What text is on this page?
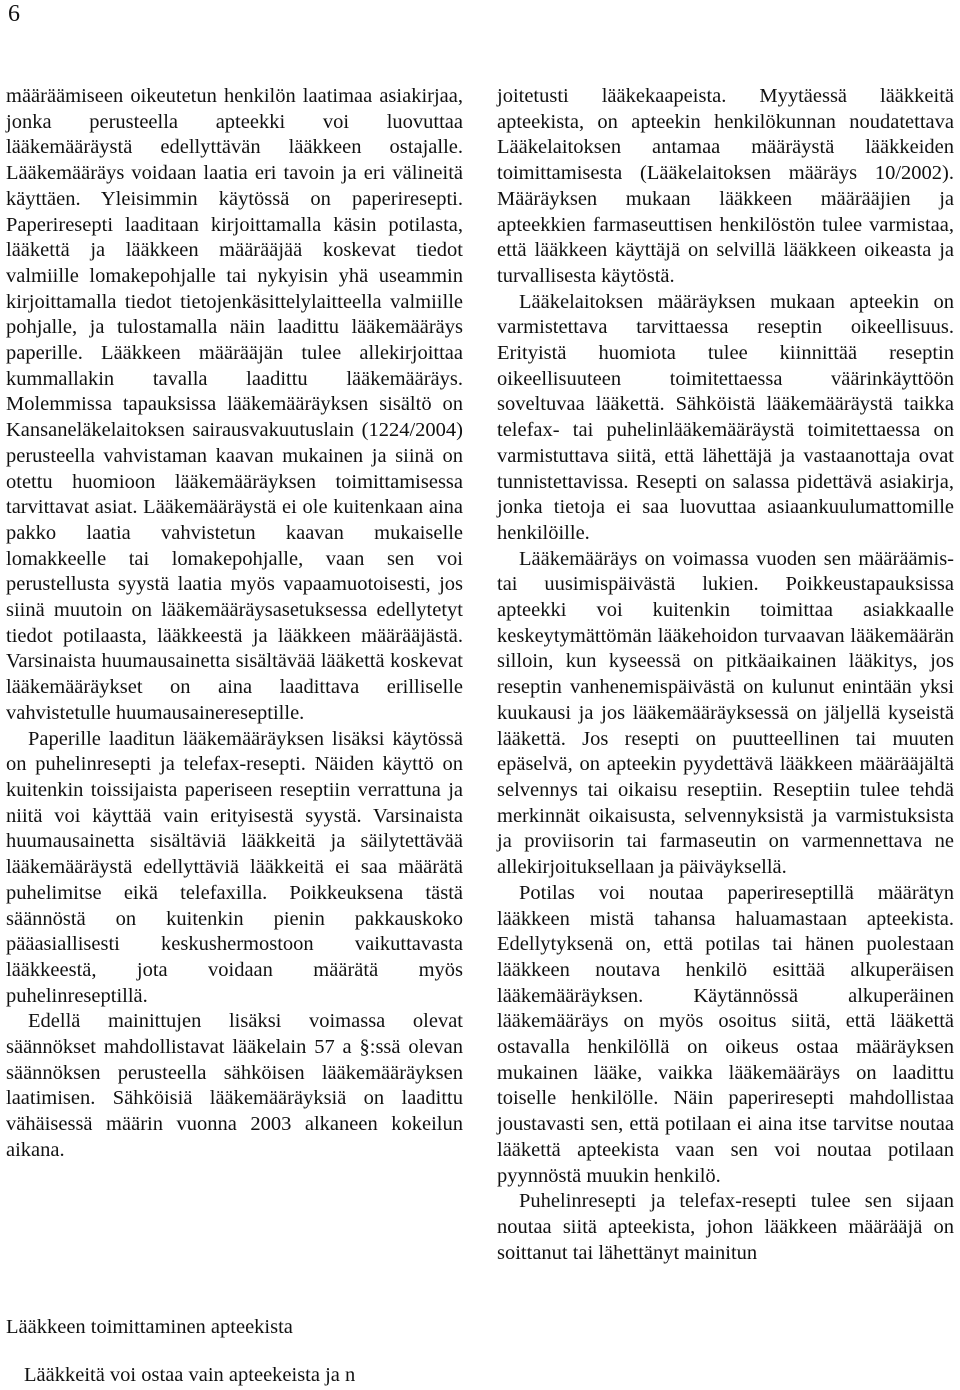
6

määräämiseen oikeutetun henkilön laatimaa asiakirjaa, jonka perusteella apteekki voi luovuttaa lääkemääräystä edellyttävän lääkkeen ostajalle. Lääkemääräys voidaan laatia eri tavoin ja eri välineitä käyttäen. Yleisimmin käytössä on paperiresepti. Paperiresepti laaditaan kirjoittamalla käsin potilasta, lääkettä ja lääkkeen määrääjää koskevat tiedot valmiille lomakepohjalle tai nykyisin yhä useammin kirjoittamalla tiedot tietojenkäsittelylaitteella valmiille pohjalle, ja tulostamalla näin laadittu lääkemääräys paperille. Lääkkeen määrääjän tulee allekirjoittaa kummallakin tavalla laadittu lääkemääräys. Molemmissa tapauksissa lääkemääräyksen sisältö on Kansaneläkelaitoksen sairausvakuutuslain (1224/2004) perusteella vahvistaman kaavan mukainen ja siinä on otettu huomioon lääkemääräyksen toimittamisessa tarvittavat asiat. Lääkemääräystä ei ole kuitenkaan aina pakko laatia vahvistetun kaavan mukaiselle lomakkeelle tai lomakepohjalle, vaan sen voi perustellusta syystä laatia myös vapaamuotoisesti, jos siinä muutoin on lääkemääräysasetuksessa edellytetyt tiedot potilaasta, lääkkeestä ja lääkkeen määrääjästä. Varsinaista huumausainetta sisältävää lääkettä koskevat lääkemääräykset on aina laadittava erilliselle vahvistetulle huumausainereseptille.

Paperille laaditun lääkemääräyksen lisäksi käytössä on puhelinresepti ja telefax-resepti. Näiden käyttö on kuitenkin toissijaista paperiseen reseptiin verrattuna ja niitä voi käyttää vain erityisestä syystä. Varsinaista huumausainetta sisältäviä lääkkeitä ja säilytettävää lääkemääräystä edellyttäviä lääkkeitä ei saa määrätä puhelimitse eikä telefaxilla. Poikkeuksena tästä säännöstä on kuitenkin pienin pakkauskoko pääasiallisesti keskushermostoon vaikuttavasta lääkkeestä, jota voidaan määrätä myös puhelinreseptillä.

Edellä mainittujen lisäksi voimassa olevat säännökset mahdollistavat lääkelain 57 a §:ssä olevan säännöksen perusteella sähköisen lääkemääräyksen laatimisen. Sähköisiä lääkemääräyksiä on laadittu vähäisessä määrin vuonna 2003 alkaneen kokeilun aikana.

Lääkkeen toimittaminen apteekista
Lääkkeitä voi ostaa vain apteekeista ja n

joitetusti lääkekaapeista. Myytäessä lääkkeitä apteekista, on apteekin henkilökunnan noudatettava Lääkelaitoksen antamaa määräystä lääkkeiden toimittamisesta (Lääkelaitoksen määräys 10/2002). Määräyksen mukaan lääkkeen määrääjien ja apteekkien farmaseuttisen henkilöstön tulee varmistaa, että lääkkeen käyttäjä on selvillä lääkkeen oikeasta ja turvallisesta käytöstä.

Lääkelaitoksen määräyksen mukaan apteekin on varmistettava tarvittaessa reseptin oikeellisuus. Erityistä huomiota tulee kiinnittää reseptin oikeellisuuteen toimitettaessa väärinkäyttöön soveltuvaa lääkettä. Sähköistä lääkemääräystä taikka telefax- tai puhelinlääkemääräystä toimitettaessa on varmistuttava siitä, että lähettäjä ja vastaanottaja ovat tunnistettavissa. Resepti on salassa pidettävä asiakirja, jonka tietoja ei saa luovuttaa asiaankuulumattomille henkilöille.

Lääkemääräys on voimassa vuoden sen määräämis- tai uusimispäivästä lukien. Poikkeustapauksissa apteekki voi kuitenkin toimittaa asiakkaalle keskeytymättömän lääkehoidon turvaavan lääkemäärän silloin, kun kyseessä on pitkäaikainen lääkitys, jos reseptin vanhenemispäivästä on kulunut enintään yksi kuukausi ja jos lääkemääräyksessä on jäljellä kyseistä lääkettä. Jos resepti on puutteellinen tai muuten epäselvä, on apteekin pyydettävä lääkkeen määrääjältä selvennys tai oikaisu reseptiin. Reseptiin tulee tehdä merkinnät oikaisusta, selvennyksistä ja varmistuksista ja proviisorin tai farmaseutin on varmennettava ne allekirjoituksellaan ja päiväyksellä.

Potilas voi noutaa paperireseptillä määrätyn lääkkeen mistä tahansa haluamastaan apteekista. Edellytyksenä on, että potilas tai hänen puolestaan lääkkeen noutava henkilö esittää alkuperäisen lääkemääräyksen. Käytännössä alkuperäinen lääkemääräys on myös osoitus siitä, että lääkettä ostavalla henkilöllä on oikeus ostaa määräyksen mukainen lääke, vaikka lääkemääräys on laadittu toiselle henkilölle. Näin paperiresepti mahdollistaa joustavasti sen, että potilaan ei aina itse tarvitse noutaa lääkettä apteekista vaan sen voi noutaa potilaan pyynnöstä muukin henkilö.

Puhelinresepti ja telefax-resepti tulee sen sijaan noutaa siitä apteekista, johon lääkkeen määrääjä on soittanut tai lähettänyt mainitun
